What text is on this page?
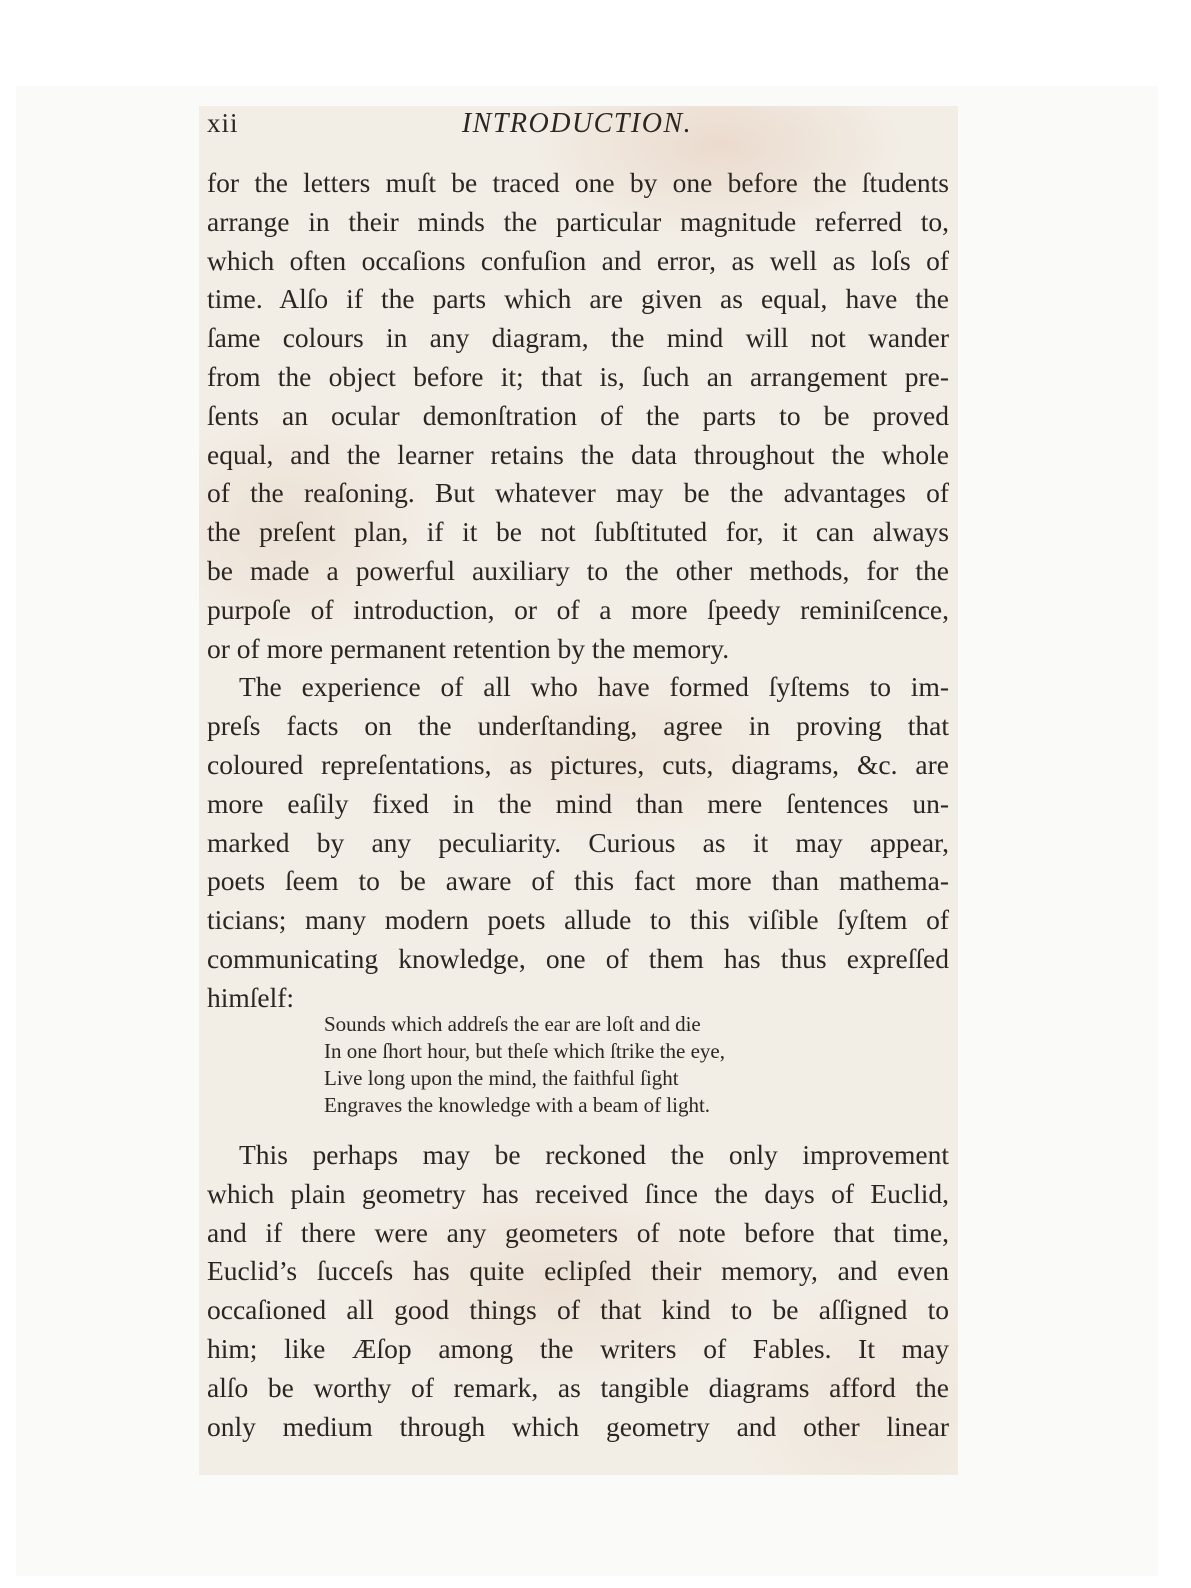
xii	INTRODUCTION.
for the letters muſt be traced one by one before the ſtudents
arrange in their minds the particular magnitude referred to,
which often occaſions confuſion and error, as well as loſs of
time. Alſo if the parts which are given as equal, have the
ſame colours in any diagram, the mind will not wander
from the object before it; that is, ſuch an arrangement pre-
ſents an ocular demonſtration of the parts to be proved
equal, and the learner retains the data throughout the whole
of the reaſoning. But whatever may be the advantages of
the preſent plan, if it be not ſubſtituted for, it can always
be made a powerful auxiliary to the other methods, for the
purpoſe of introduction, or of a more ſpeedy reminiſcence,
or of more permanent retention by the memory.
The experience of all who have formed ſyſtems to im-
preſs facts on the underſtanding, agree in proving that
coloured repreſentations, as pictures, cuts, diagrams, &c. are
more eaſily fixed in the mind than mere ſentences un-
marked by any peculiarity. Curious as it may appear,
poets ſeem to be aware of this fact more than mathema-
ticians; many modern poets allude to this viſible ſyſtem of
communicating knowledge, one of them has thus expreſſed
himſelf:
Sounds which addreſs the ear are loſt and die
In one ſhort hour, but theſe which ſtrike the eye,
Live long upon the mind, the faithful ſight
Engraves the knowledge with a beam of light.
This perhaps may be reckoned the only improvement
which plain geometry has received ſince the days of Euclid,
and if there were any geometers of note before that time,
Euclid’s ſucceſs has quite eclipſed their memory, and even
occaſioned all good things of that kind to be aſſigned to
him; like Æſop among the writers of Fables. It may
alſo be worthy of remark, as tangible diagrams afford the
only medium through which geometry and other linear
